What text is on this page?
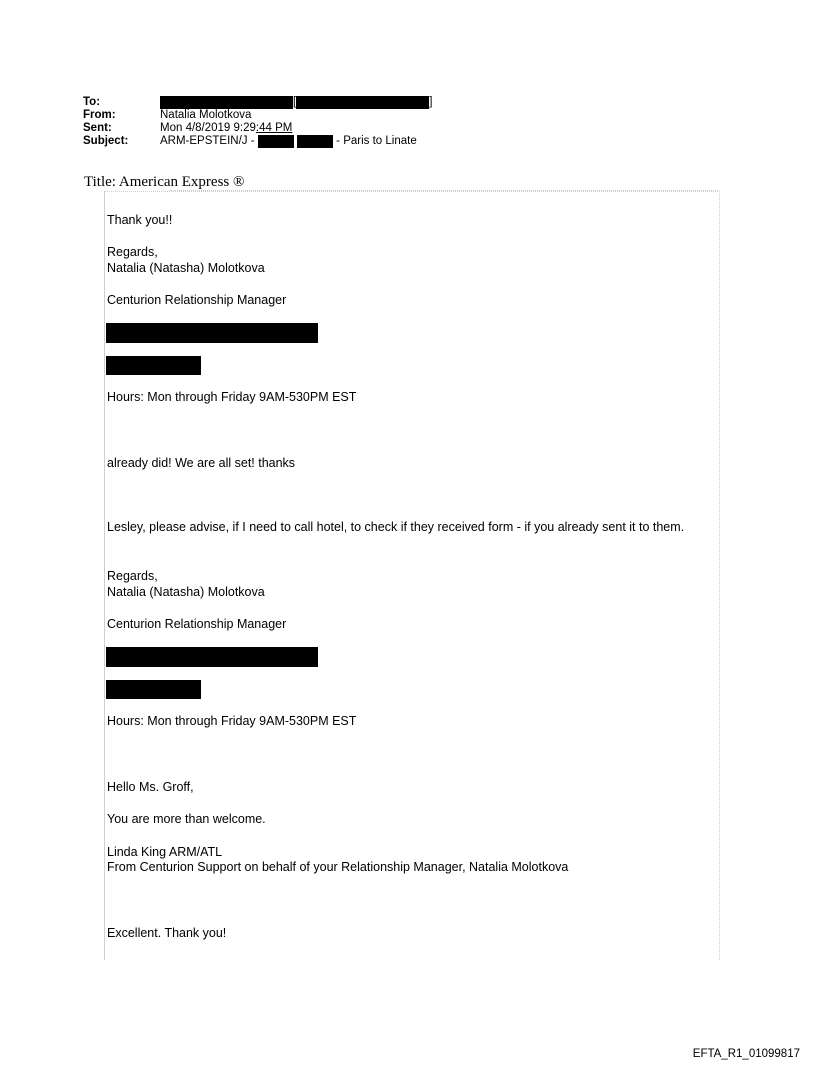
To:	[	]
From:	Natalia Molotkova
Sent:	Mon 4/8/2019 9:29:44 PM
Subject:	ARM-EPSTEIN/J -	- Paris to Linate
Title: American Express ®
Thank you!!
Regards,
Natalia (Natasha) Molotkova
Centurion Relationship Manager
Hours: Mon through Friday 9AM-530PM EST
already did! We are all set! thanks
Lesley, please advise, if I need to call hotel, to check if they received form - if you already sent it to them.
Regards,
Natalia (Natasha) Molotkova
Centurion Relationship Manager
Hours: Mon through Friday 9AM-530PM EST
Hello Ms. Groff,
You are more than welcome.
Linda King ARM/ATL
From Centurion Support on behalf of your Relationship Manager, Natalia Molotkova
Excellent. Thank you!
EFTA_R1_01099817
